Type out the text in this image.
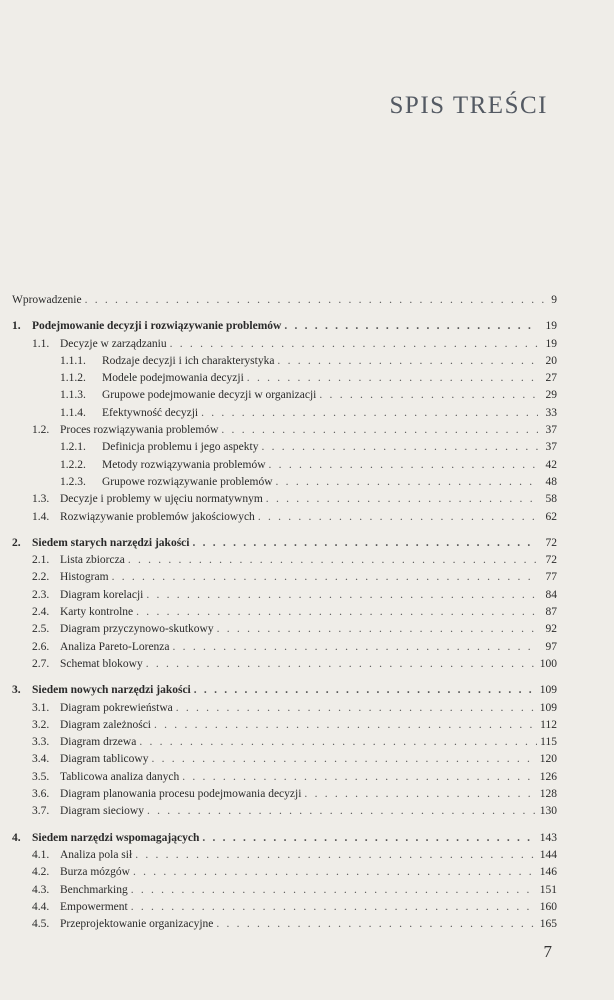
SPIS TREŚCI
Wprowadzenie . . .	9
1. Podejmowanie decyzji i rozwiązywanie problemów . . .	19
1.1. Decyzje w zarządzaniu . . .	19
1.1.1.	Rodzaje decyzji i ich charakterystyka . . .	20
1.1.2.	Modele podejmowania decyzji . . .	27
1.1.3.	Grupowe podejmowanie decyzji w organizacji . . .	29
1.1.4.	Efektywność decyzji . . .	33
1.2. Proces rozwiązywania problemów . . .	37
1.2.1.	Definicja problemu i jego aspekty . . .	37
1.2.2.	Metody rozwiązywania problemów . . .	42
1.2.3.	Grupowe rozwiązywanie problemów . . .	48
1.3. Decyzje i problemy w ujęciu normatywnym . . .	58
1.4. Rozwiązywanie problemów jakościowych . . .	62
2. Siedem starych narzędzi jakości . . .	72
2.1. Lista zbiorcza . . .	72
2.2. Histogram . . .	77
2.3. Diagram korelacji . . .	84
2.4. Karty kontrolne . . .	87
2.5. Diagram przyczynowo-skutkowy . . .	92
2.6. Analiza Pareto-Lorenza . . .	97
2.7. Schemat blokowy . . .	100
3. Siedem nowych narzędzi jakości . . .	109
3.1. Diagram pokrewieństwa . . .	109
3.2. Diagram zależności . . .	112
3.3. Diagram drzewa . . .	115
3.4. Diagram tablicowy . . .	120
3.5. Tablicowa analiza danych . . .	126
3.6. Diagram planowania procesu podejmowania decyzji . . .	128
3.7. Diagram sieciowy . . .	130
4. Siedem narzędzi wspomagających . . .	143
4.1. Analiza pola sił . . .	144
4.2. Burza mózgów . . .	146
4.3. Benchmarking . . .	151
4.4. Empowerment . . .	160
4.5. Przeprojektowanie organizacyjne . . .	165
7
